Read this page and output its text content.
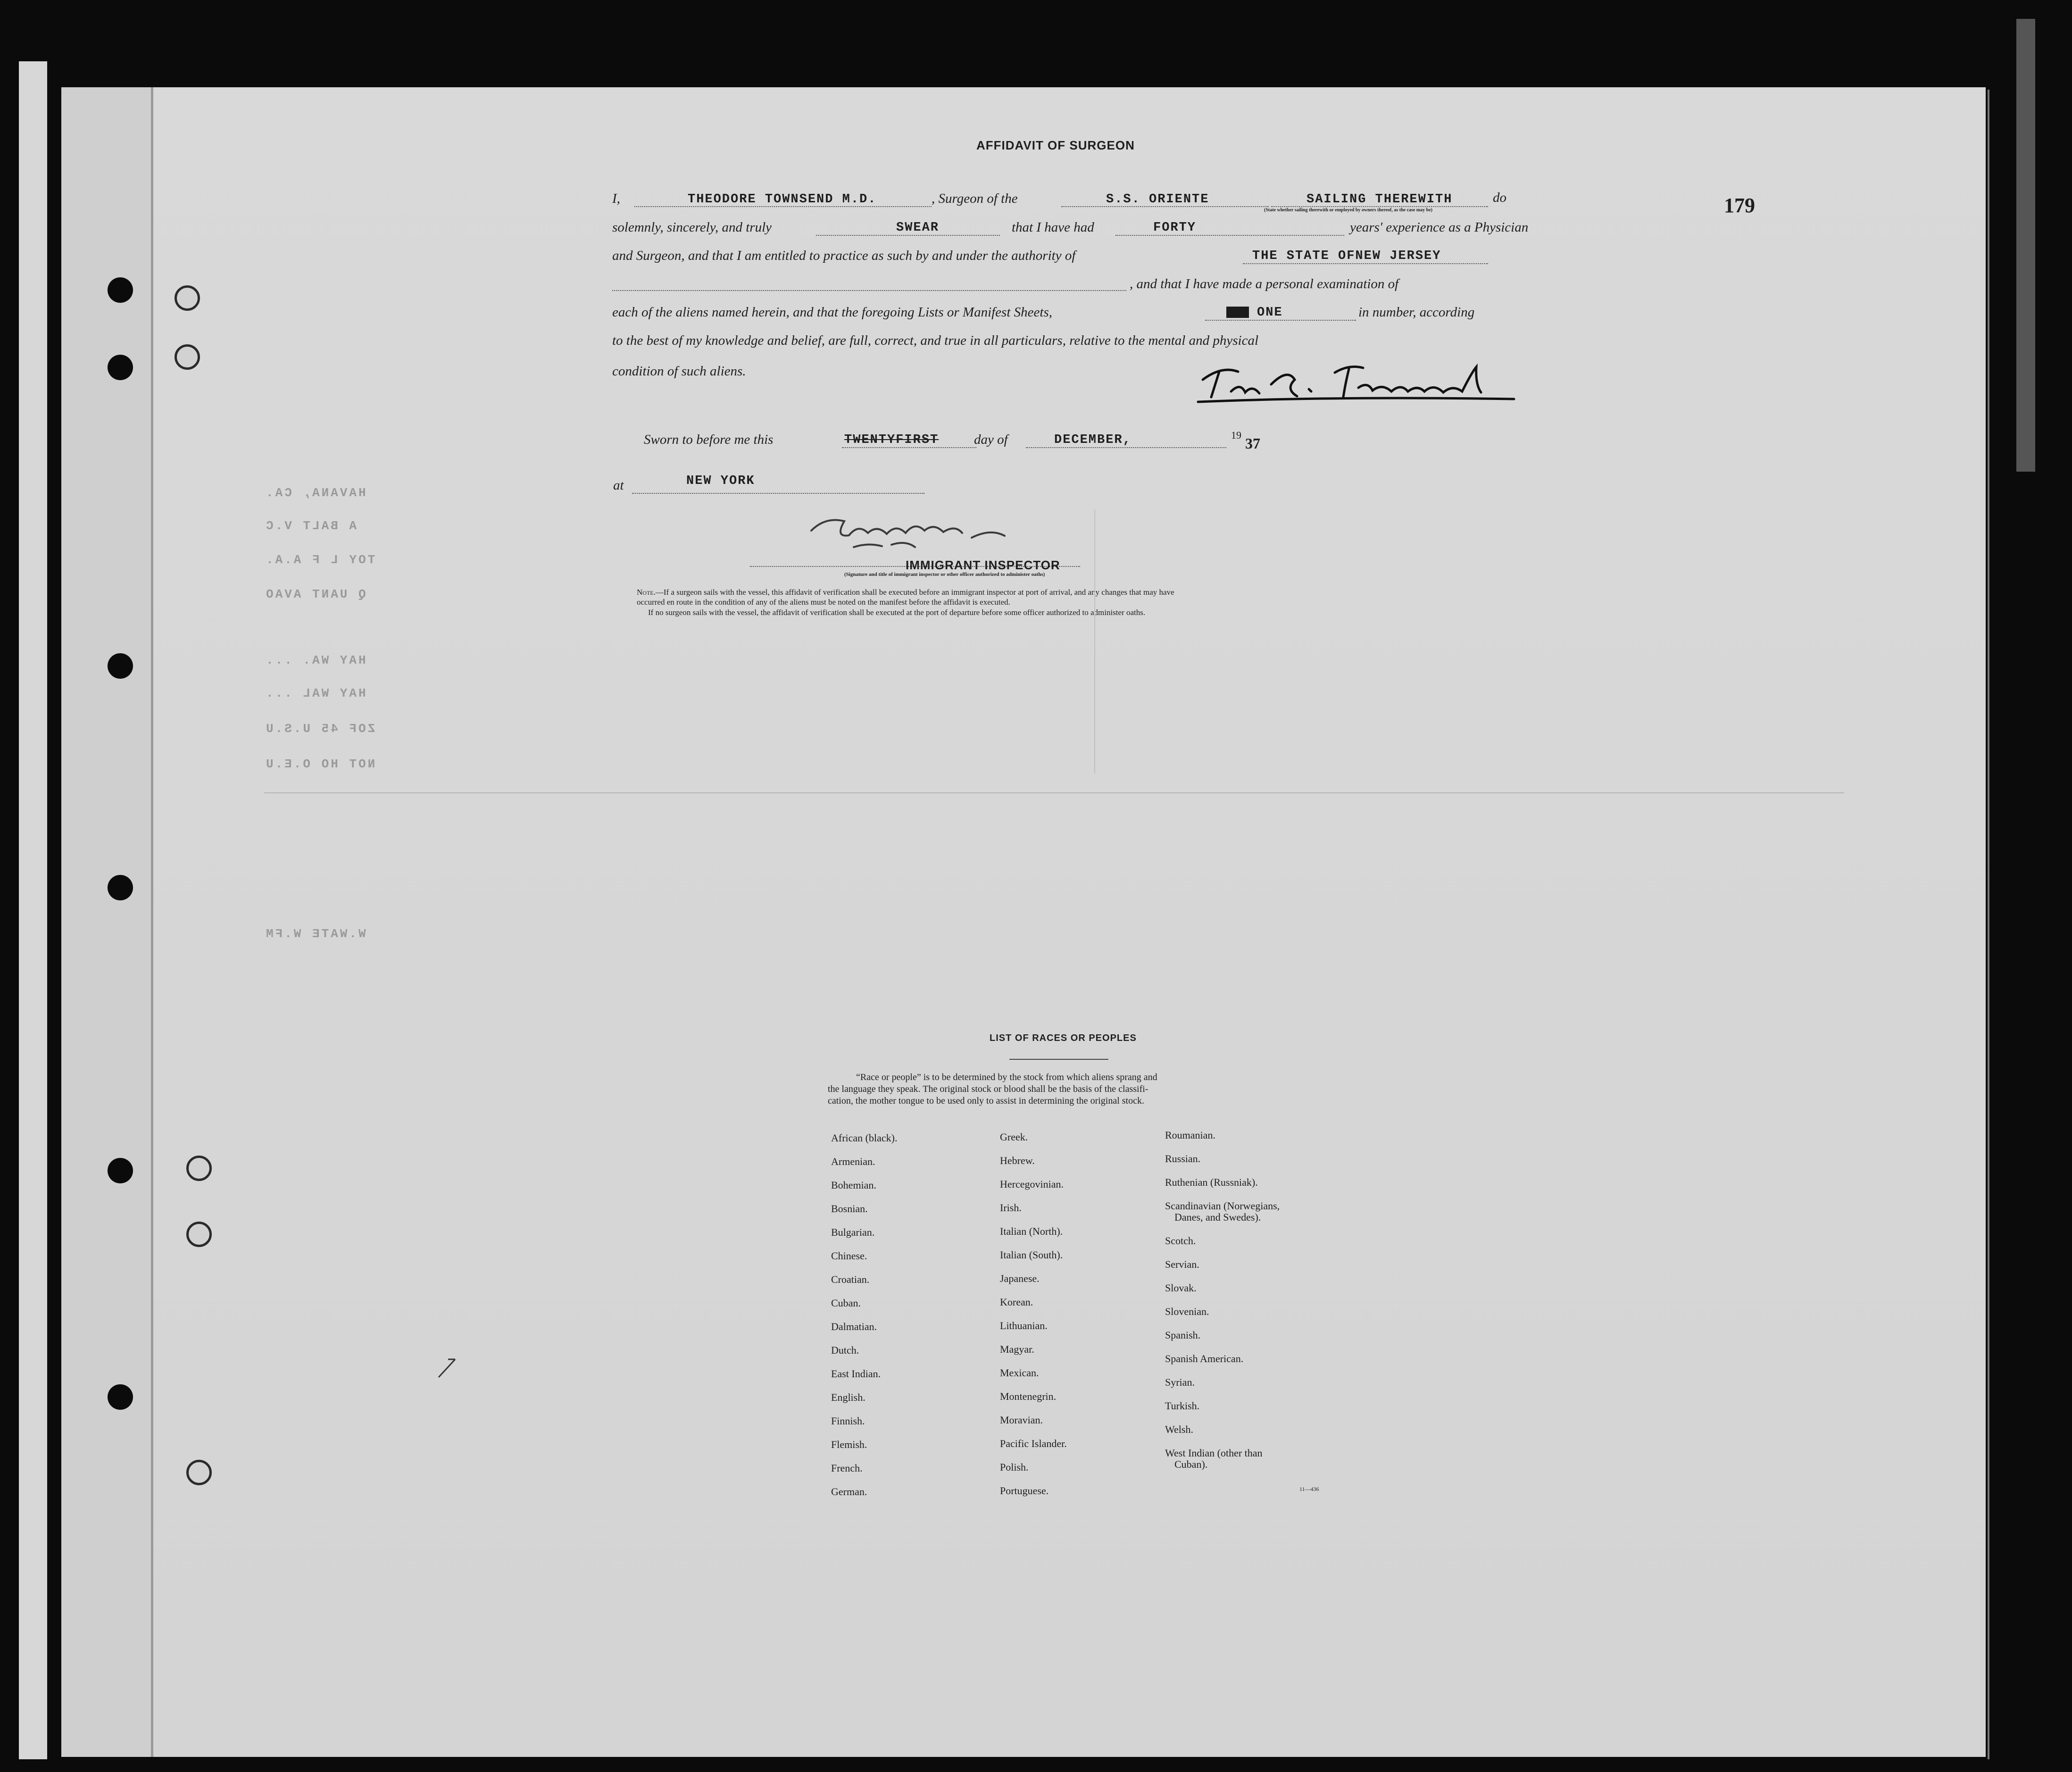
179
AFFIDAVIT OF SURGEON
I,	THEODORE TOWNSEND M.D.	, Surgeon of the	S.S. ORIENTE	SAILING THEREWITH
(State whether sailing therewith or employed by owners thereof, as the case may be)
do
solemnly, sincerely, and truly	SWEAR	that I have had	FORTY	years' experience as a Physician
and Surgeon, and that I am entitled to practice as such by and under the authority of	THE STATE OFNEW JERSEY
, and that I have made a personal examination of
each of the aliens named herein, and that the foregoing Lists or Manifest Sheets,	ONE	in number, according
to the best of my knowledge and belief, are full, correct, and true in all particulars, relative to the mental and physical
condition of such aliens.
Sworn to before me this	TWENTYFIRST	day of	DECEMBER,	19 37
at	NEW YORK
IMMIGRANT INSPECTOR
(Signature and title of immigrant inspector or other officer authorized to administer oaths)
Note.—If a surgeon sails with the vessel, this affidavit of verification shall be executed before an immigrant inspector at port of arrival, and any changes that may have
occurred en route in the condition of any of the aliens must be noted on the manifest before the affidavit is executed.
If no surgeon sails with the vessel, the affidavit of verification shall be executed at the port of departure before some officer authorized to administer oaths.
HAVANA, CA.
A BALT V.C
TOY L F A.A.
Q UANT AVAO
HAY WA. ...
HAY WAL ...
ZOF 45 U.S.U
NOT HO O.E.U
W.WATE W.FM
LIST OF RACES OR PEOPLES
“Race or people” is to be determined by the stock from which aliens sprang and
the language they speak. The original stock or blood shall be the basis of the classifi-
cation, the mother tongue to be used only to assist in determining the original stock.
African (black).
Armenian.
Bohemian.
Bosnian.
Bulgarian.
Chinese.
Croatian.
Cuban.
Dalmatian.
Dutch.
East Indian.
English.
Finnish.
Flemish.
French.
German.
Greek.
Hebrew.
Hercegovinian.
Irish.
Italian (North).
Italian (South).
Japanese.
Korean.
Lithuanian.
Magyar.
Mexican.
Montenegrin.
Moravian.
Pacific Islander.
Polish.
Portuguese.
Roumanian.
Russian.
Ruthenian (Russniak).
Scandinavian (Norwegians,
Danes, and Swedes).
Scotch.
Servian.
Slovak.
Slovenian.
Spanish.
Spanish American.
Syrian.
Turkish.
Welsh.
West Indian (other than
Cuban).
11—436
